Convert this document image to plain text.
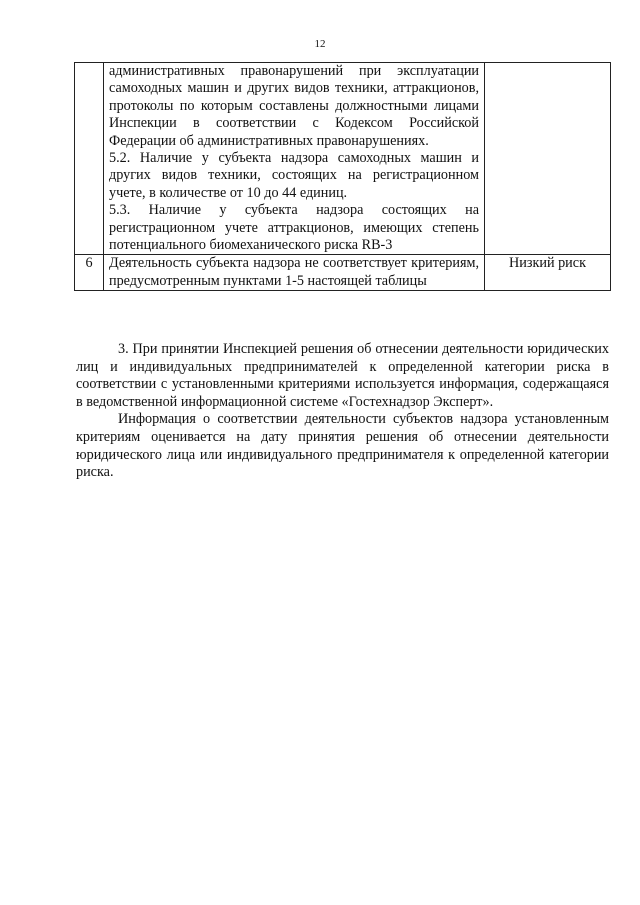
12

	административных правонарушений при эксплуатации самоходных машин и других видов техники, аттракционов, протоколы по которым составлены должностными лицами Инспекции в соответствии с Кодексом Российской Федерации об административных правонарушениях.

5.2. Наличие у субъекта надзора самоходных машин и других видов техники, состоящих на регистрационном учете, в количестве от 10 до 44 единиц.

5.3. Наличие у субъекта надзора состоящих на регистрационном учете аттракционов, имеющих степень потенциального биомеханического риска RB-3	

6	Деятельность субъекта надзора не соответствует критериям, предусмотренным пунктами 1-5 настоящей таблицы	Низкий риск

3. При принятии Инспекцией решения об отнесении деятельности юридических лиц и индивидуальных предпринимателей к определенной категории риска в соответствии с установленными критериями используется информация, содержащаяся в ведомственной информационной системе «Гостехнадзор Эксперт».

Информация о соответствии деятельности субъектов надзора установленным критериям оценивается на дату принятия решения об отнесении деятельности юридического лица или индивидуального предпринимателя к определенной категории риска.
